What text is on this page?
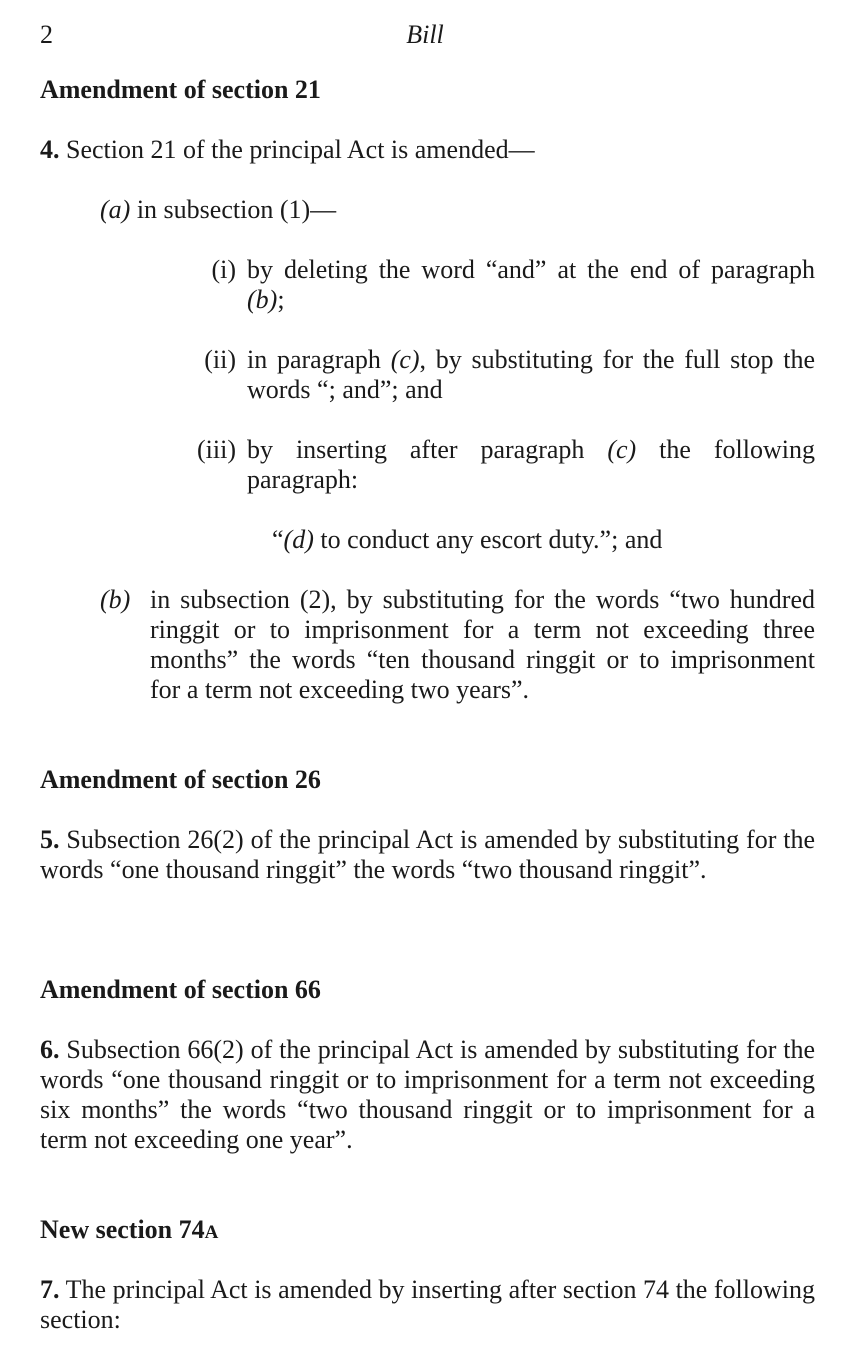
2	Bill
Amendment of section 21
4. Section 21 of the principal Act is amended—
(a) in subsection (1)—
(i) by deleting the word “and” at the end of paragraph (b);
(ii) in paragraph (c), by substituting for the full stop the words “; and”; and
(iii) by inserting after paragraph (c) the following paragraph:
“(d) to conduct any escort duty.”; and
(b) in subsection (2), by substituting for the words “two hundred ringgit or to imprisonment for a term not exceeding three months” the words “ten thousand ringgit or to imprisonment for a term not exceeding two years”.
Amendment of section 26
5. Subsection 26(2) of the principal Act is amended by substituting for the words “one thousand ringgit” the words “two thousand ringgit”.
Amendment of section 66
6. Subsection 66(2) of the principal Act is amended by substituting for the words “one thousand ringgit or to imprisonment for a term not exceeding six months” the words “two thousand ringgit or to imprisonment for a term not exceeding one year”.
New section 74A
7. The principal Act is amended by inserting after section 74 the following section:
